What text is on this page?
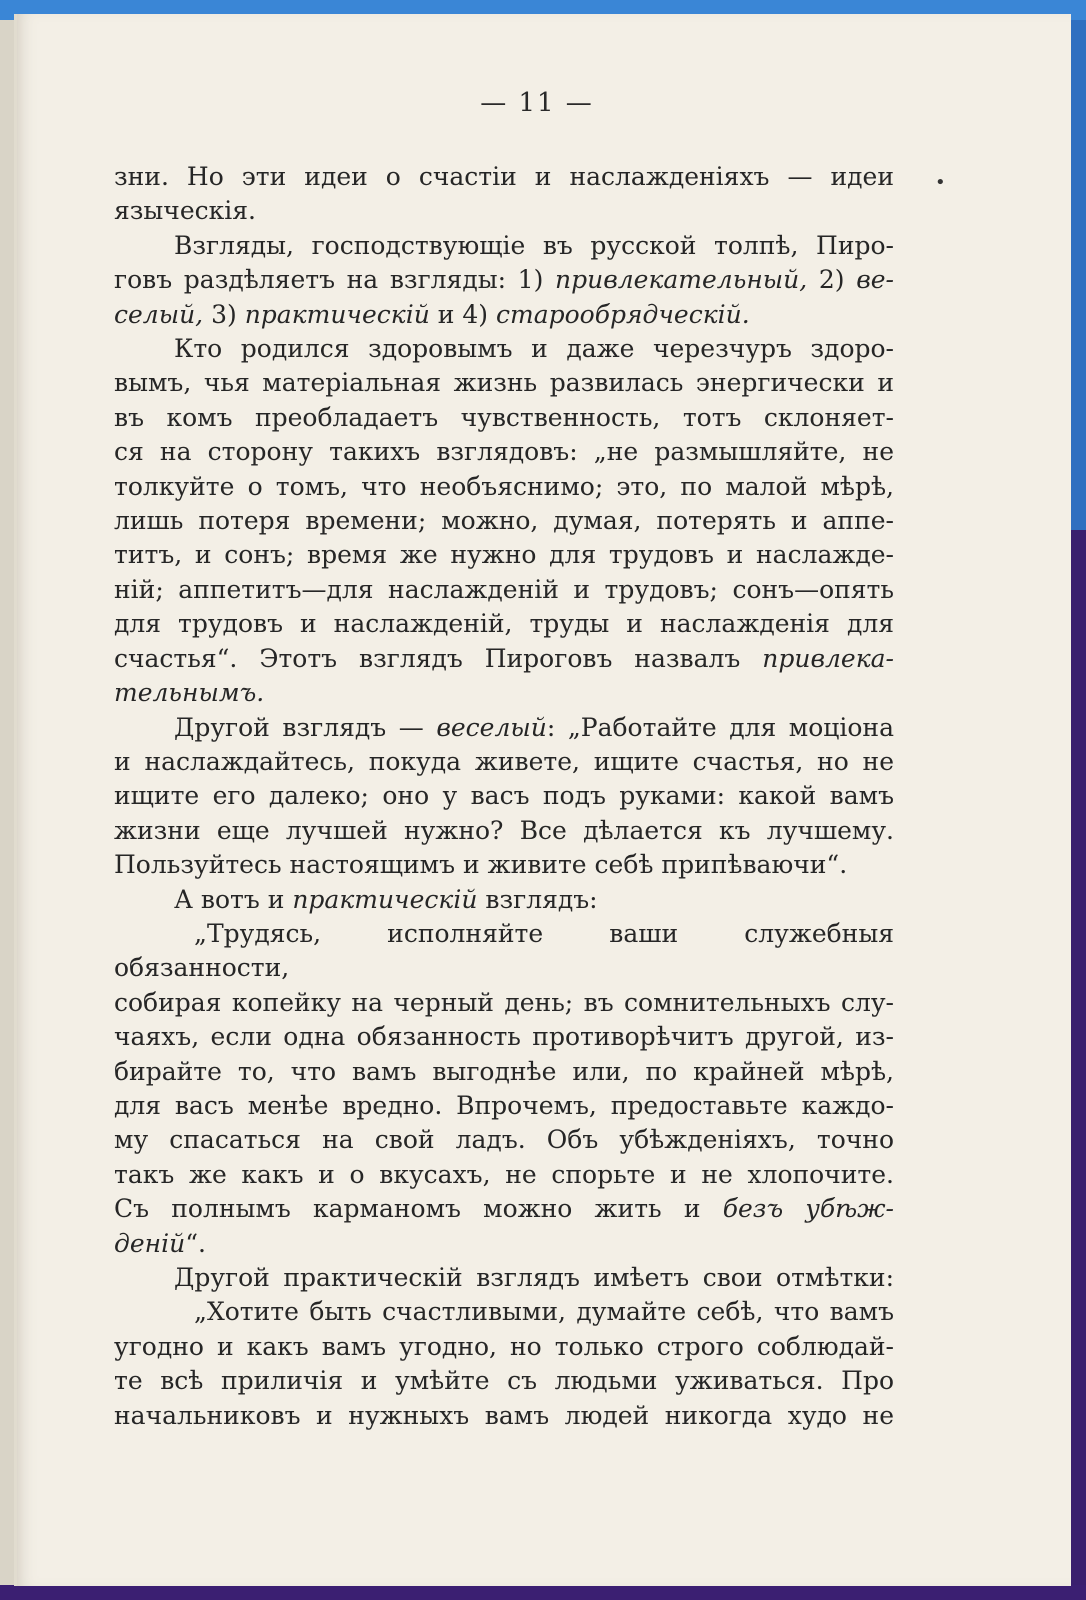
— 11 —
•

зни. Но эти идеи о счастіи и наслажденіяхъ — идеи

языческія.

Взгляды, господствующіе въ русской толпѣ, Пиро-

говъ раздѣляетъ на взгляды: 1) привлекательный, 2) ве-

селый, 3) практическій и 4) старообрядческій.

Кто родился здоровымъ и даже черезчуръ здоро-

вымъ, чья матеріальная жизнь развилась энергически и

въ комъ преобладаетъ чувственность, тотъ склоняет-

ся на сторону такихъ взглядовъ: „не размышляйте, не

толкуйте о томъ, что необъяснимо; это, по малой мѣрѣ,

лишь потеря времени; можно, думая, потерять и аппе-

титъ, и сонъ; время же нужно для трудовъ и наслажде-

ній; аппетитъ—для наслажденій и трудовъ; сонъ—опять

для трудовъ и наслажденій, труды и наслажденія для

счастья“. Этотъ взглядъ Пироговъ назвалъ привлека-

тельнымъ.

Другой взглядъ — веселый: „Работайте для моціона

и наслаждайтесь, покуда живете, ищите счастья, но не

ищите его далеко; оно у васъ подъ руками: какой вамъ

жизни еще лучшей нужно? Все дѣлается къ лучшему.

Пользуйтесь настоящимъ и живите себѣ припѣваючи“.

А вотъ и практическій взглядъ:

„Трудясь, исполняйте ваши служебныя обязанности,

собирая копейку на черный день; въ сомнительныхъ слу-

чаяхъ, если одна обязанность противорѣчитъ другой, из-

бирайте то, что вамъ выгоднѣе или, по крайней мѣрѣ,

для васъ менѣе вредно. Впрочемъ, предоставьте каждо-

му спасаться на свой ладъ. Объ убѣжденіяхъ, точно

такъ же какъ и о вкусахъ, не спорьте и не хлопочите.

Съ полнымъ карманомъ можно жить и безъ убѣж-

деній“.

Другой практическій взглядъ имѣетъ свои отмѣтки:

„Хотите быть счастливыми, думайте себѣ, что вамъ

угодно и какъ вамъ угодно, но только строго соблюдай-

те всѣ приличія и умѣйте съ людьми уживаться. Про

начальниковъ и нужныхъ вамъ людей никогда худо не
